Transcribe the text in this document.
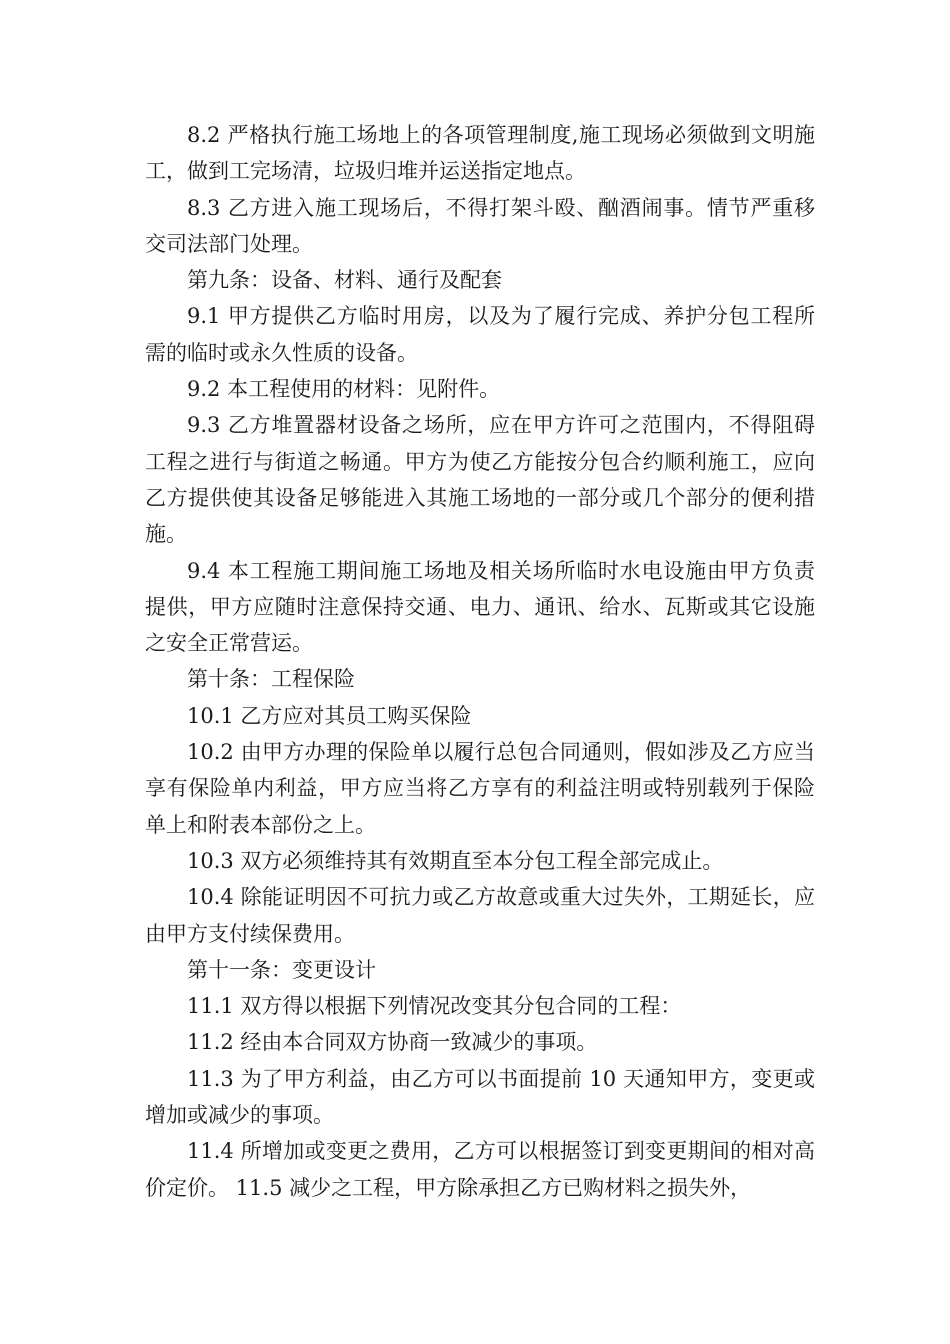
8.2 严格执行施工场地上的各项管理制度,施工现场必须做到文明施工，做到工完场清，垃圾归堆并运送指定地点。

8.3 乙方进入施工现场后，不得打架斗殴、酗酒闹事。情节严重移交司法部门处理。

第九条：设备、材料、通行及配套

9.1 甲方提供乙方临时用房，以及为了履行完成、养护分包工程所需的临时或永久性质的设备。

9.2 本工程使用的材料：见附件。

9.3 乙方堆置器材设备之场所，应在甲方许可之范围内，不得阻碍工程之进行与街道之畅通。甲方为使乙方能按分包合约顺利施工，应向乙方提供使其设备足够能进入其施工场地的一部分或几个部分的便利措施。

9.4 本工程施工期间施工场地及相关场所临时水电设施由甲方负责提供，甲方应随时注意保持交通、电力、通讯、给水、瓦斯或其它设施之安全正常营运。

第十条：工程保险

10.1 乙方应对其员工购买保险

10.2 由甲方办理的保险单以履行总包合同通则，假如涉及乙方应当享有保险单内利益，甲方应当将乙方享有的利益注明或特别载列于保险单上和附表本部份之上。

10.3 双方必须维持其有效期直至本分包工程全部完成止。

10.4 除能证明因不可抗力或乙方故意或重大过失外，工期延长，应由甲方支付续保费用。

第十一条：变更设计

11.1 双方得以根据下列情况改变其分包合同的工程：

11.2 经由本合同双方协商一致减少的事项。

11.3 为了甲方利益，由乙方可以书面提前 10 天通知甲方，变更或增加或减少的事项。

11.4 所增加或变更之费用，乙方可以根据签订到变更期间的相对高价定价。 11.5 减少之工程，甲方除承担乙方已购材料之损失外，
